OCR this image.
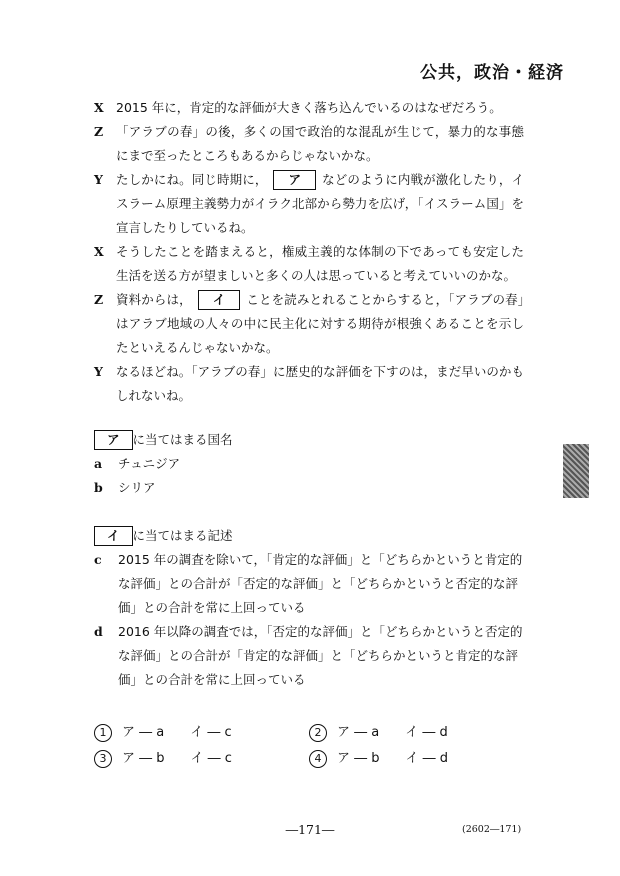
公共，政治・経済
X 2015 年に，肯定的な評価が大きく落ち込んでいるのはなぜだろう。
Z	「アラブの春」の後，多くの国で政治的な混乱が生じて，暴力的な事態にまで至ったところもあるからじゃないかな。
Y	たしかにね。同じ時期に， ア などのように内戦が激化したり，イスラーム原理主義勢力がイラク北部から勢力を広げ，「イスラーム国」を宣言したりしているね。
X そうしたことを踏まえると，権威主義的な体制の下であっても安定した生活を送る方が望ましいと多くの人は思っていると考えていいのかな。
Z	資料からは， イ ことを読みとれることからすると，「アラブの春」はアラブ地域の人々の中に民主化に対する期待が根強くあることを示したといえるんじゃないかな。
Y	なるほどね。「アラブの春」に歴史的な評価を下すのは，まだ早いのかもしれないね。
ア に当てはまる国名
a	チュニジア
b	シリア
イ に当てはまる記述
c	2015 年の調査を除いて，「肯定的な評価」と「どちらかというと肯定的な評価」との合計が「否定的な評価」と「どちらかというと否定的な評価」との合計を常に上回っている
d	2016 年以降の調査では，「否定的な評価」と「どちらかというと否定的な評価」との合計が「肯定的な評価」と「どちらかというと肯定的な評価」との合計を常に上回っている
1	ア ― a イ ― c	2	ア ― a イ ― d
3	ア ― b イ ― c	4	ア ― b イ ― d
―171―	(2602―171)
